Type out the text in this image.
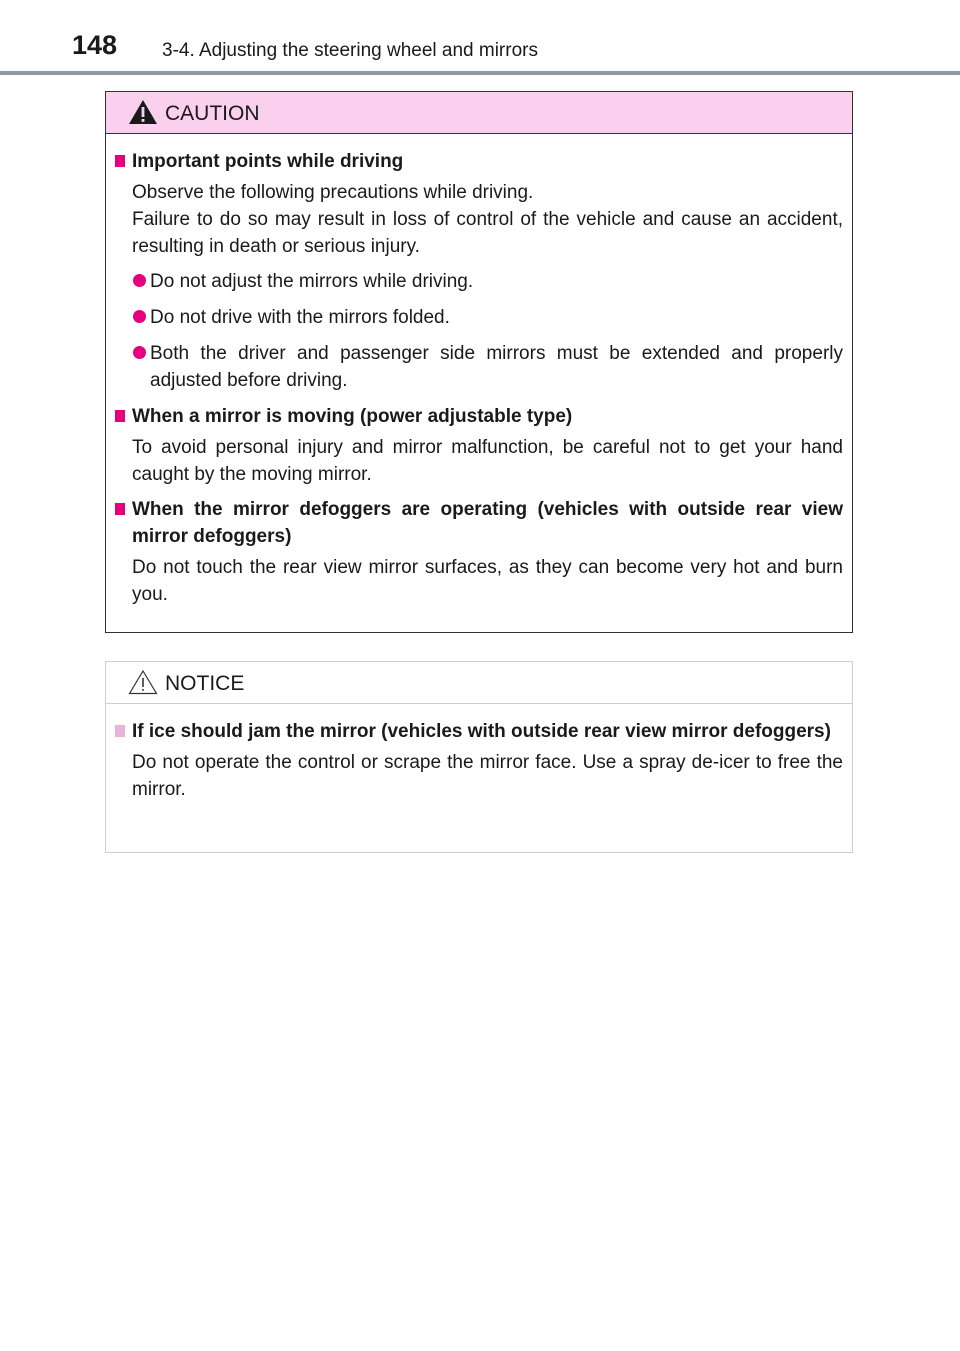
148 3-4. Adjusting the steering wheel and mirrors
CAUTION
Important points while driving
Observe the following precautions while driving.
Failure to do so may result in loss of control of the vehicle and cause an accident, resulting in death or serious injury.
Do not adjust the mirrors while driving.
Do not drive with the mirrors folded.
Both the driver and passenger side mirrors must be extended and properly adjusted before driving.
When a mirror is moving (power adjustable type)
To avoid personal injury and mirror malfunction, be careful not to get your hand caught by the moving mirror.
When the mirror defoggers are operating (vehicles with outside rear view mirror defoggers)
Do not touch the rear view mirror surfaces, as they can become very hot and burn you.
NOTICE
If ice should jam the mirror (vehicles with outside rear view mirror defoggers)
Do not operate the control or scrape the mirror face. Use a spray de-icer to free the mirror.
